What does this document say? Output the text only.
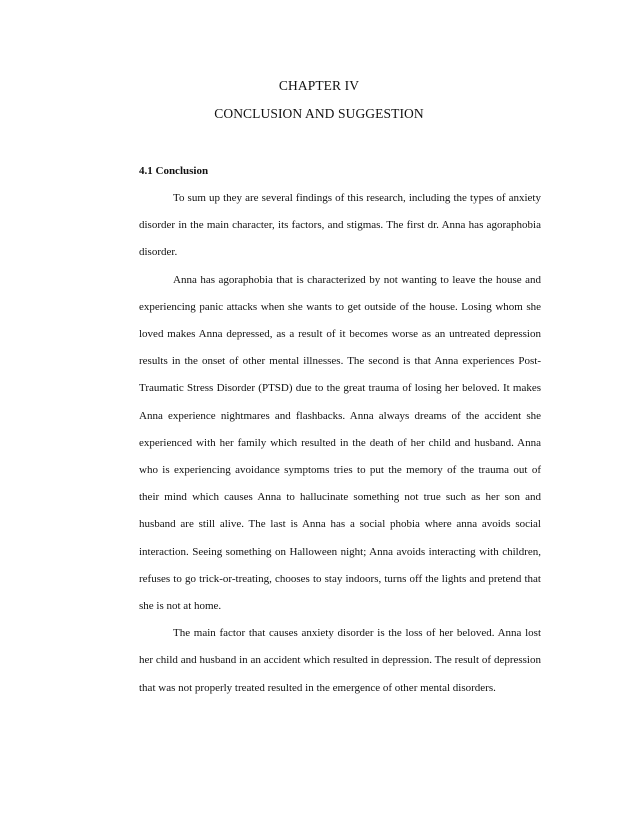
CHAPTER IV
CONCLUSION AND SUGGESTION
4.1 Conclusion

To sum up they are several findings of this research, including the types of anxiety disorder in the main character, its factors, and stigmas. The first dr. Anna has agoraphobia disorder.

Anna has agoraphobia that is characterized by not wanting to leave the house and experiencing panic attacks when she wants to get outside of the house. Losing whom she loved makes Anna depressed, as a result of it becomes worse as an untreated depression results in the onset of other mental illnesses. The second is that Anna experiences Post-Traumatic Stress Disorder (PTSD) due to the great trauma of losing her beloved. It makes Anna experience nightmares and flashbacks. Anna always dreams of the accident she experienced with her family which resulted in the death of her child and husband. Anna who is experiencing avoidance symptoms tries to put the memory of the trauma out of their mind which causes Anna to hallucinate something not true such as her son and husband are still alive. The last is Anna has a social phobia where anna avoids social interaction. Seeing something on Halloween night; Anna avoids interacting with children, refuses to go trick-or-treating, chooses to stay indoors, turns off the lights and pretend that she is not at home.

The main factor that causes anxiety disorder is the loss of her beloved. Anna lost her child and husband in an accident which resulted in depression. The result of depression that was not properly treated resulted in the emergence of other mental disorders.
